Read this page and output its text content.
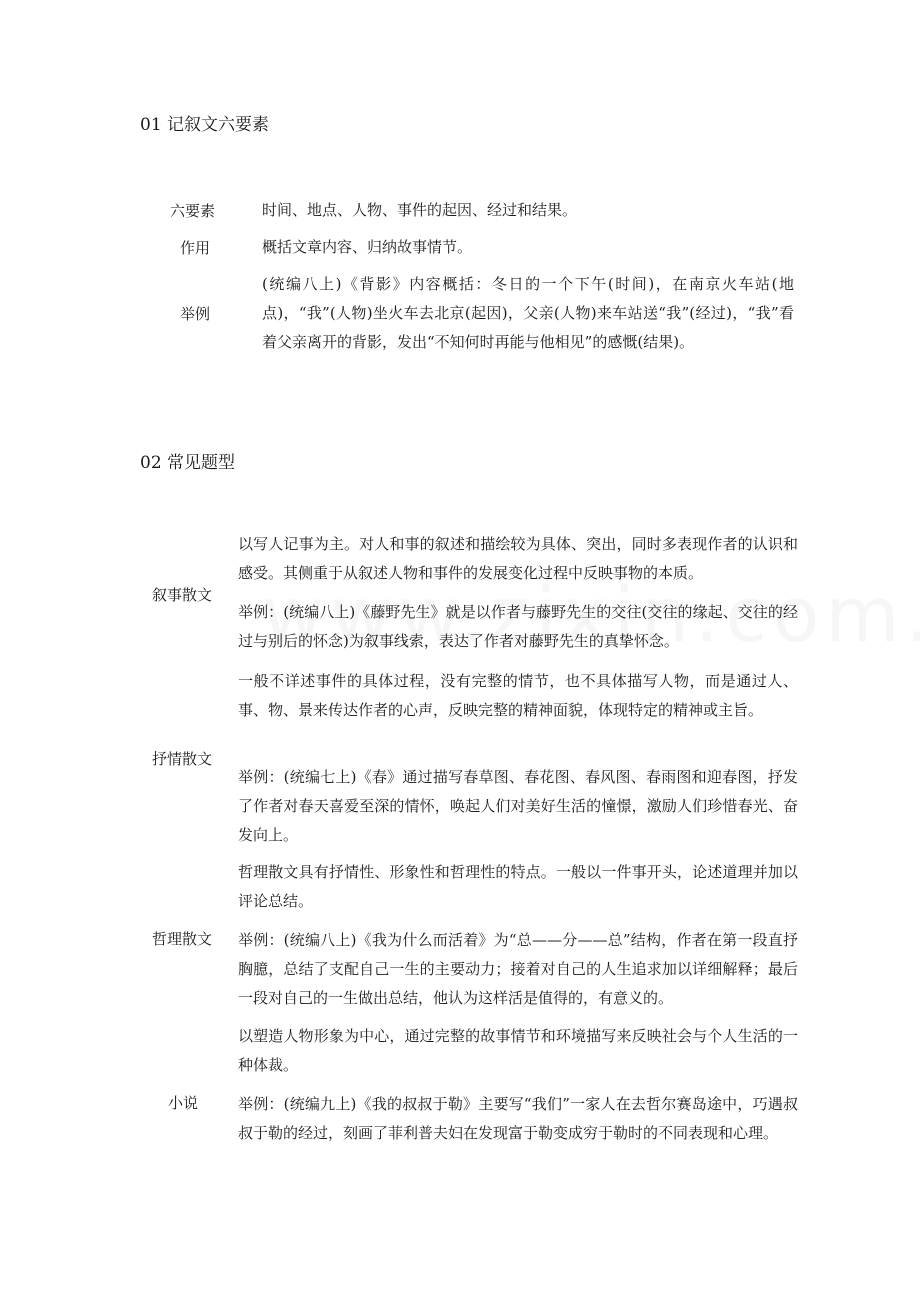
01 记叙文六要素
六要素	时间、地点、人物、事件的起因、经过和结果。

作用	概括文章内容、归纳故事情节。

举例

(统编八上)《背影》内容概括：冬日的一个下午(时间)，在南京火车站(地点)，“我”(人物)坐火车去北京(起因)，父亲(人物)来车站送“我”(经过)，“我”看着父亲离开的背影，发出“不知何时再能与他相见”的感慨(结果)。

02 常见题型
叙事散文

以写人记事为主。对人和事的叙述和描绘较为具体、突出，同时多表现作者的认识和感受。其侧重于从叙述人物和事件的发展变化过程中反映事物的本质。

举例：(统编八上)《藤野先生》就是以作者与藤野先生的交往(交往的缘起、交往的经过与别后的怀念)为叙事线索，表达了作者对藤野先生的真挚怀念。

抒情散文

一般不详述事件的具体过程，没有完整的情节，也不具体描写人物，而是通过人、事、物、景来传达作者的心声，反映完整的精神面貌，体现特定的精神或主旨。

举例：(统编七上)《春》通过描写春草图、春花图、春风图、春雨图和迎春图，抒发了作者对春天喜爱至深的情怀，唤起人们对美好生活的憧憬，激励人们珍惜春光、奋发向上。

哲理散文

哲理散文具有抒情性、形象性和哲理性的特点。一般以一件事开头，论述道理并加以评论总结。

举例：(统编八上)《我为什么而活着》为“总——分——总”结构，作者在第一段直抒胸臆，总结了支配自己一生的主要动力；接着对自己的人生追求加以详细解释；最后一段对自己的一生做出总结，他认为这样活是值得的，有意义的。

小说

以塑造人物形象为中心，通过完整的故事情节和环境描写来反映社会与个人生活的一种体裁。

举例：(统编九上)《我的叔叔于勒》主要写“我们”一家人在去哲尔赛岛途中，巧遇叔叔于勒的经过，刻画了菲利普夫妇在发现富于勒变成穷于勒时的不同表现和心理。
